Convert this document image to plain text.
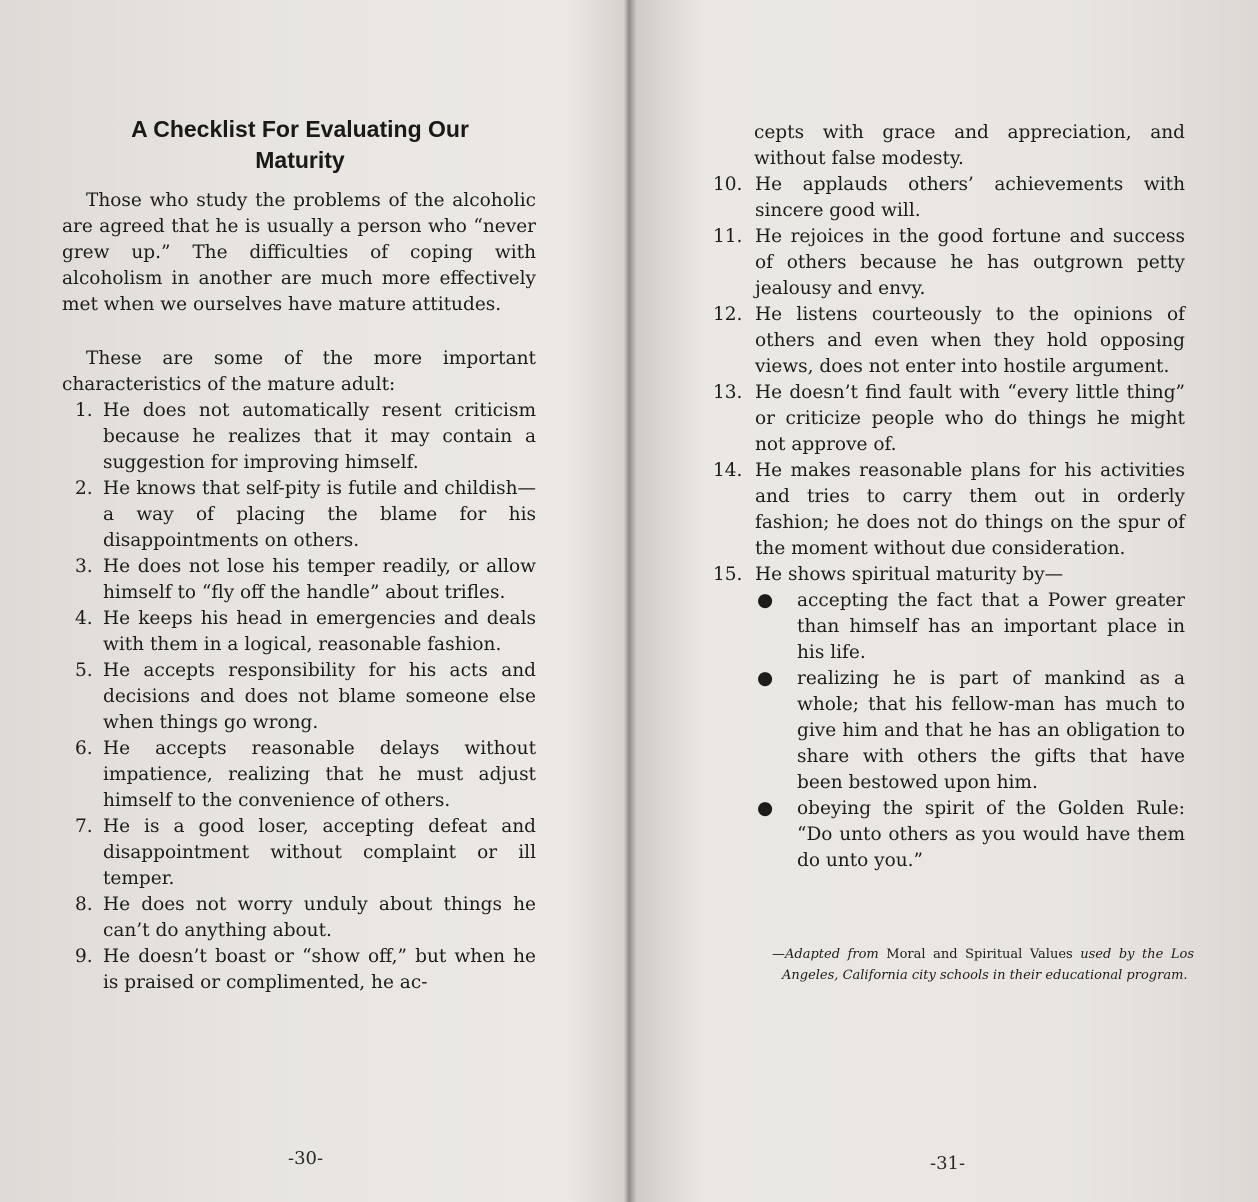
A Checklist For Evaluating Our Maturity

Those who study the problems of the alcoholic are agreed that he is usually a person who “never grew up.” The difficulties of coping with alcoholism in another are much more effectively met when we ourselves have mature attitudes.

These are some of the more important characteristics of the mature adult:

1. He does not automatically resent criticism because he realizes that it may contain a suggestion for improving himself.
2. He knows that self-pity is futile and childish—a way of placing the blame for his disappointments on others.
3. He does not lose his temper readily, or allow himself to “fly off the handle” about trifles.
4. He keeps his head in emergencies and deals with them in a logical, reasonable fashion.
5. He accepts responsibility for his acts and decisions and does not blame someone else when things go wrong.
6. He accepts reasonable delays without impatience, realizing that he must adjust himself to the convenience of others.
7. He is a good loser, accepting defeat and disappointment without complaint or ill temper.
8. He does not worry unduly about things he can’t do anything about.
9. He doesn’t boast or “show off,” but when he is praised or complimented, he ac-
-30-
cepts with grace and appreciation, and without false modesty.
10. He applauds others’ achievements with sincere good will.
11. He rejoices in the good fortune and success of others because he has outgrown petty jealousy and envy.
12. He listens courteously to the opinions of others and even when they hold opposing views, does not enter into hostile argument.
13. He doesn’t find fault with “every little thing” or criticize people who do things he might not approve of.
14. He makes reasonable plans for his activities and tries to carry them out in orderly fashion; he does not do things on the spur of the moment without due consideration.
15. He shows spiritual maturity by—
● accepting the fact that a Power greater than himself has an important place in his life.
● realizing he is part of mankind as a whole; that his fellow-man has much to give him and that he has an obligation to share with others the gifts that have been bestowed upon him.
● obeying the spirit of the Golden Rule: “Do unto others as you would have them do unto you.”
—Adapted from Moral and Spiritual Values used by the Los Angeles, California city schools in their educational program.
-31-
